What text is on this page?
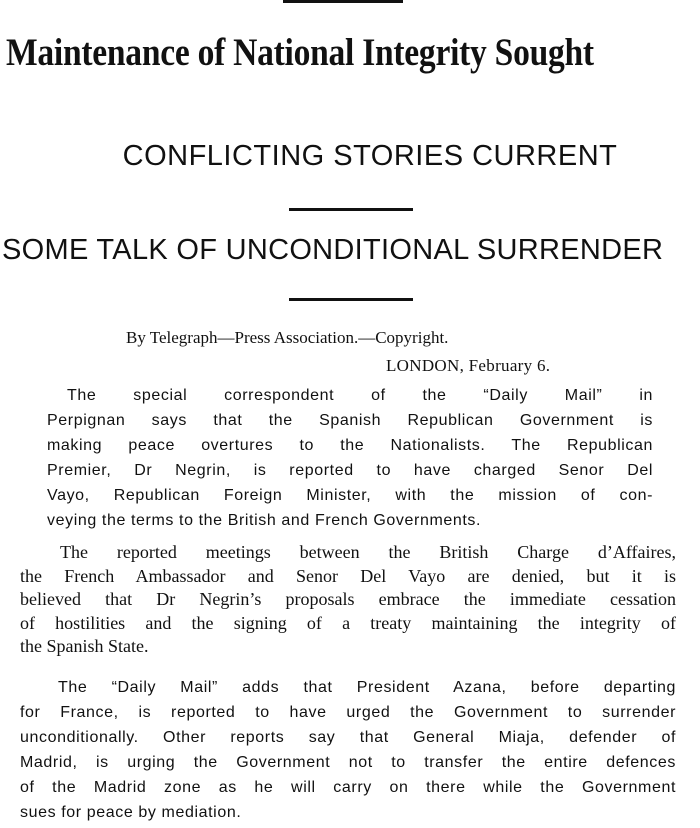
Maintenance of National Integrity Sought
CONFLICTING STORIES CURRENT
SOME TALK OF UNCONDITIONAL SURRENDER
By Telegraph—Press Association.—Copyright.
LONDON, February 6.
The special correspondent of the “Daily Mail” in
Perpignan says that the Spanish Republican Government is
making peace overtures to the Nationalists. The Republican
Premier, Dr Negrin, is reported to have charged Senor Del
Vayo, Republican Foreign Minister, with the mission of con-
veying the terms to the British and French Governments.
The reported meetings between the British Charge d’Affaires,
the French Ambassador and Senor Del Vayo are denied, but it is
believed that Dr Negrin’s proposals embrace the immediate cessation
of hostilities and the signing of a treaty maintaining the integrity of
the Spanish State.
The “Daily Mail” adds that President Azana, before departing
for France, is reported to have urged the Government to surrender
unconditionally. Other reports say that General Miaja, defender of
Madrid, is urging the Government not to transfer the entire defences
of the Madrid zone as he will carry on there while the Government
sues for peace by mediation.
